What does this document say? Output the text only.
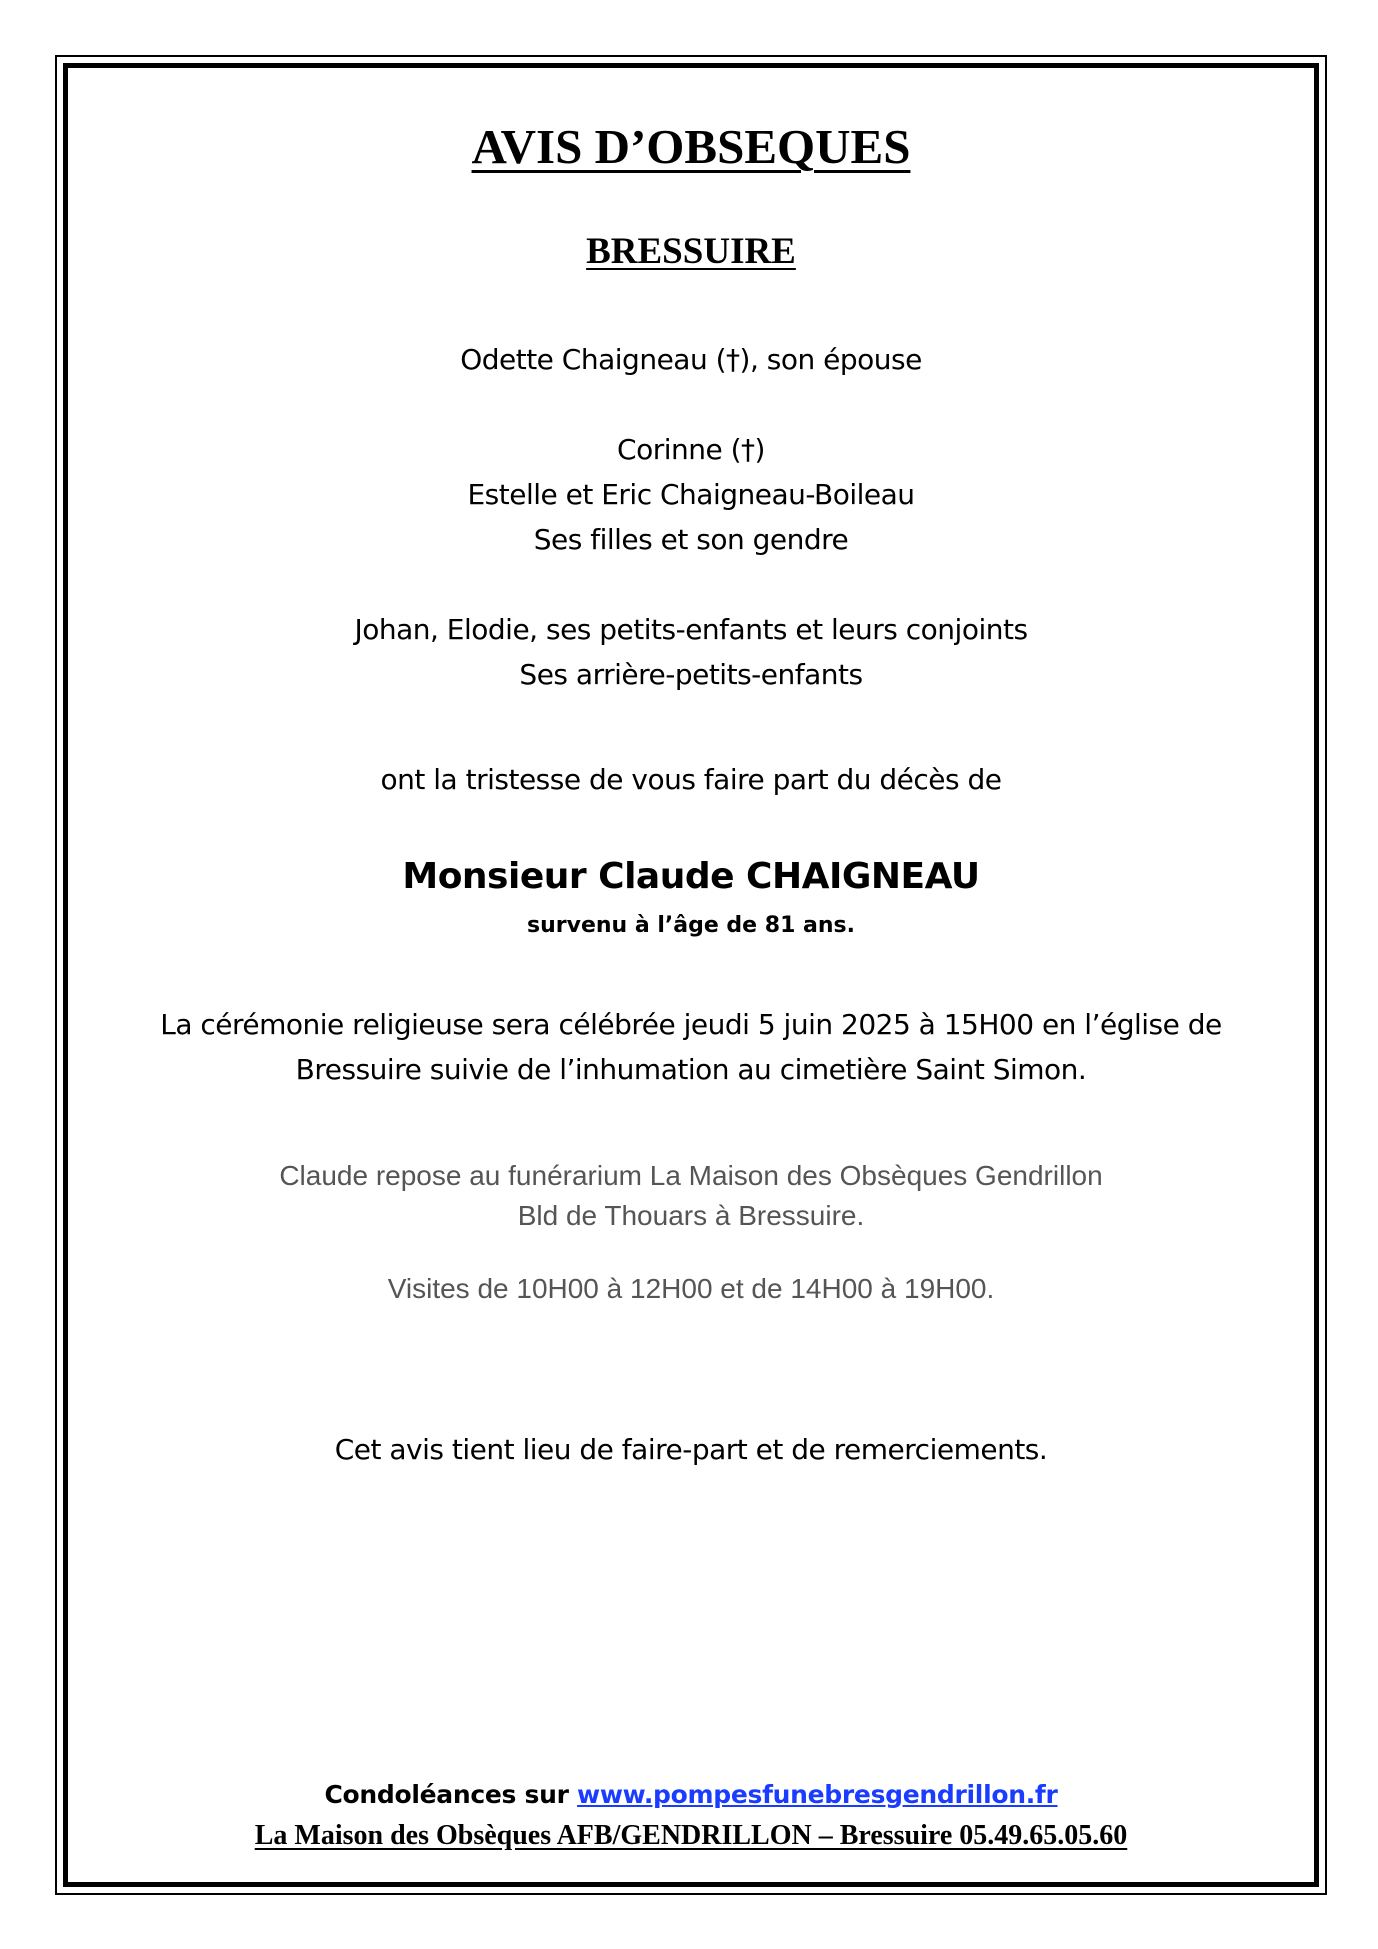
AVIS D’OBSEQUES
BRESSUIRE
Odette Chaigneau (†), son épouse
Corinne (†)
Estelle et Eric Chaigneau-Boileau
Ses filles et son gendre
Johan, Elodie, ses petits-enfants et leurs conjoints
Ses arrière-petits-enfants
ont la tristesse de vous faire part du décès de
Monsieur Claude CHAIGNEAU
survenu à l’âge de 81 ans.
La cérémonie religieuse sera célébrée jeudi 5 juin 2025 à 15H00 en l’église de
Bressuire suivie de l’inhumation au cimetière Saint Simon.
Claude repose au funérarium La Maison des Obsèques Gendrillon
Bld de Thouars à Bressuire.
Visites de 10H00 à 12H00 et de 14H00 à 19H00.
Cet avis tient lieu de faire-part et de remerciements.
Condoléances sur www.pompesfunebresgendrillon.fr
La Maison des Obsèques AFB/GENDRILLON – Bressuire 05.49.65.05.60
